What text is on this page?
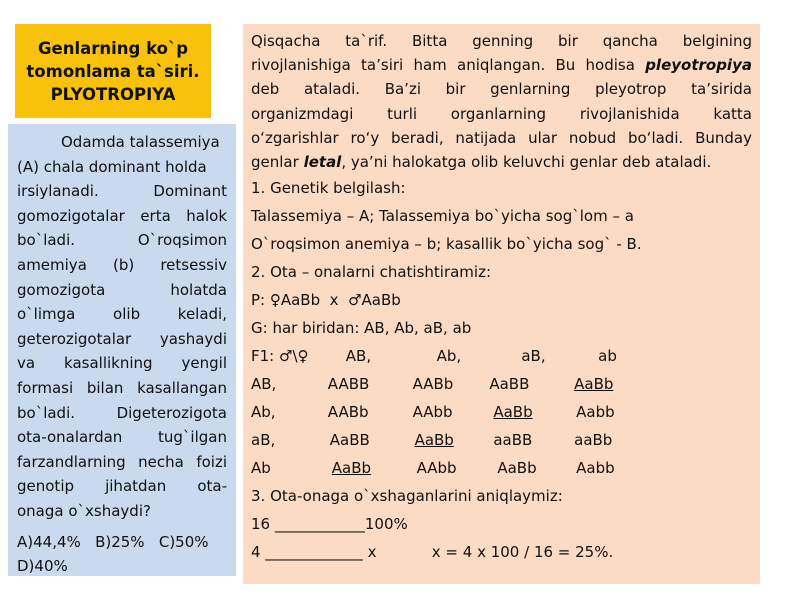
Genlarning ko`p
tomonlama ta`siri.
PLYOTROPIYA
Odamda talassemiya
(A) chala dominant holda
irsiylanadi. Dominant
gomozigotalar erta halok
bo`ladi. O`roqsimon
amemiya (b) retsessiv
gomozigota holatda
o`limga olib keladi,
geterozigotalar yashaydi
va kasallikning yengil
formasi bilan kasallangan
bo`ladi. Digeterozigota
ota-onalardan tug`ilgan
farzandlarning necha foizi
genotip jihatdan ota-
onaga o`xshaydi?
A)44,4%   B)25%   C)50%
D)40%
Qisqacha ta`rif. Bitta genning bir qancha belgining
rivojlanishiga ta’siri ham aniqlangan. Bu hodisa pleyotropiya
deb ataladi. Ba’zi bir genlarning pleyotrop ta’sirida
organizmdagi turli organlarning rivojlanishida katta
oʻzgarishlar roʻy beradi, natijada ular nobud boʻladi. Bunday
genlar letal, ya’ni halokatga olib keluvchi genlar deb ataladi.
1. Genetik belgilash:
Talassemiya – A; Talassemiya bo`yicha sog`lom – a
O`roqsimon anemiya – b; kasallik bo`yicha sog` - B.
2. Ota – onalarni chatishtiramiz:
P: ♀AaBb  x  ♂AaBb
G: har biridan: AB, Ab, aB, ab
F1: ♂\♀ AB,	Ab,	aB,	ab
AB,	AABB	AABb AaBB	AaBb
Ab,	AABb	AAbb	AaBb	Aabb
aB,	AaBB	AaBb	aaBB	aaBb
Ab	AaBb	AAbb	AaBb	Aabb
3. Ota-onaga o`xshaganlarini aniqlaymiz:
16 ____________100%
4 _____________ x	x = 4 x 100 / 16 = 25%.
